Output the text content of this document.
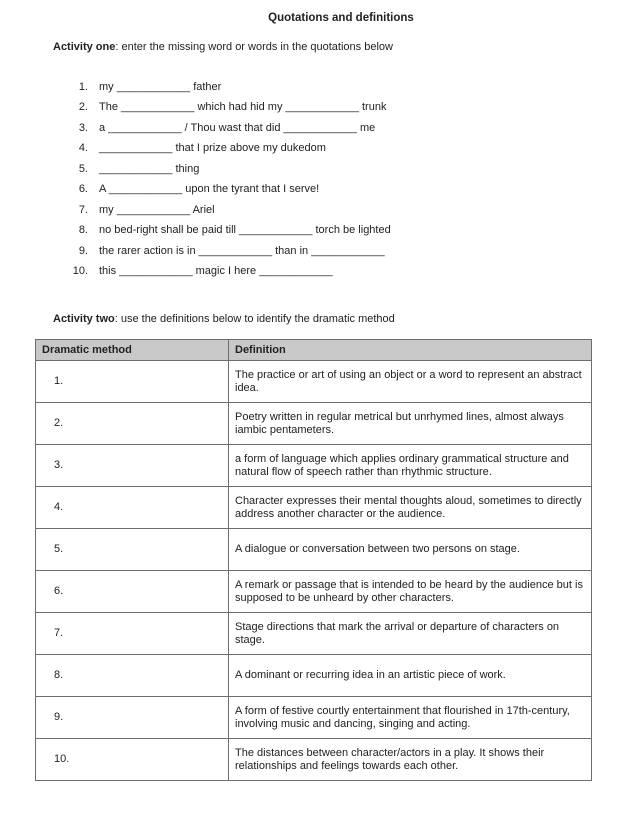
Quotations and definitions
Activity one: enter the missing word or words in the quotations below
1. my ____________ father
2. The ____________ which had hid my ____________ trunk
3. a ____________ / Thou wast that did ____________ me
4. ____________ that I prize above my dukedom
5. ____________ thing
6. A ____________ upon the tyrant that I serve!
7. my ____________ Ariel
8. no bed-right shall be paid till ____________ torch be lighted
9. the rarer action is in ____________ than in ____________
10. this ____________ magic I here ____________
Activity two: use the definitions below to identify the dramatic method
Dramatic method	Definition
1.	The practice or art of using an object or a word to represent an abstract idea.
2.	Poetry written in regular metrical but unrhymed lines, almost always iambic pentameters.
3.	a form of language which applies ordinary grammatical structure and natural flow of speech rather than rhythmic structure.
4.	Character expresses their mental thoughts aloud, sometimes to directly address another character or the audience.
5.	A dialogue or conversation between two persons on stage.
6.	A remark or passage that is intended to be heard by the audience but is supposed to be unheard by other characters.
7.	Stage directions that mark the arrival or departure of characters on stage.
8.	A dominant or recurring idea in an artistic piece of work.
9.	A form of festive courtly entertainment that flourished in 17th-century, involving music and dancing, singing and acting.
10.	The distances between character/actors in a play. It shows their relationships and feelings towards each other.
